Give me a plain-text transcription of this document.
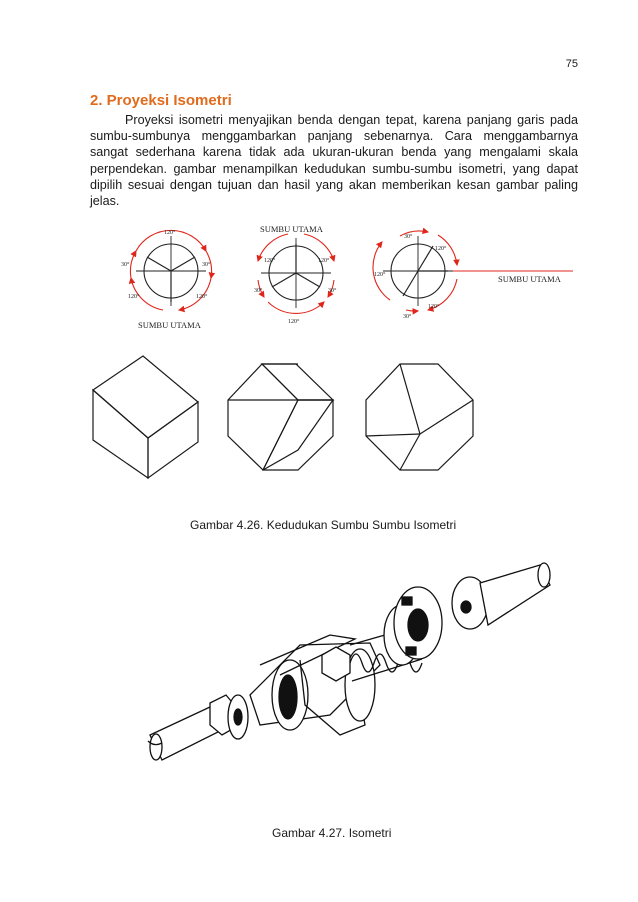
75
2. Proyeksi Isometri

Proyeksi isometri menyajikan benda dengan tepat, karena panjang garis pada sumbu-sumbunya menggambarkan panjang sebenarnya. Cara menggambarnya sangat sederhana karena tidak ada ukuran-ukuran benda yang mengalami skala perpendekan. gambar menampilkan kedudukan sumbu-sumbu isometri, yang dapat dipilih sesuai dengan tujuan dan hasil yang akan memberikan kesan gambar paling jelas.

120°
30°
30°
120°
120°
SUMBU UTAMA
120°	120°
30°	30°
120°
SUMBU UTAMA
30°
120°
120°
120°
30°
SUMBU UTAMA

Gambar 4.26. Kedudukan Sumbu Sumbu Isometri

Gambar 4.27. Isometri
